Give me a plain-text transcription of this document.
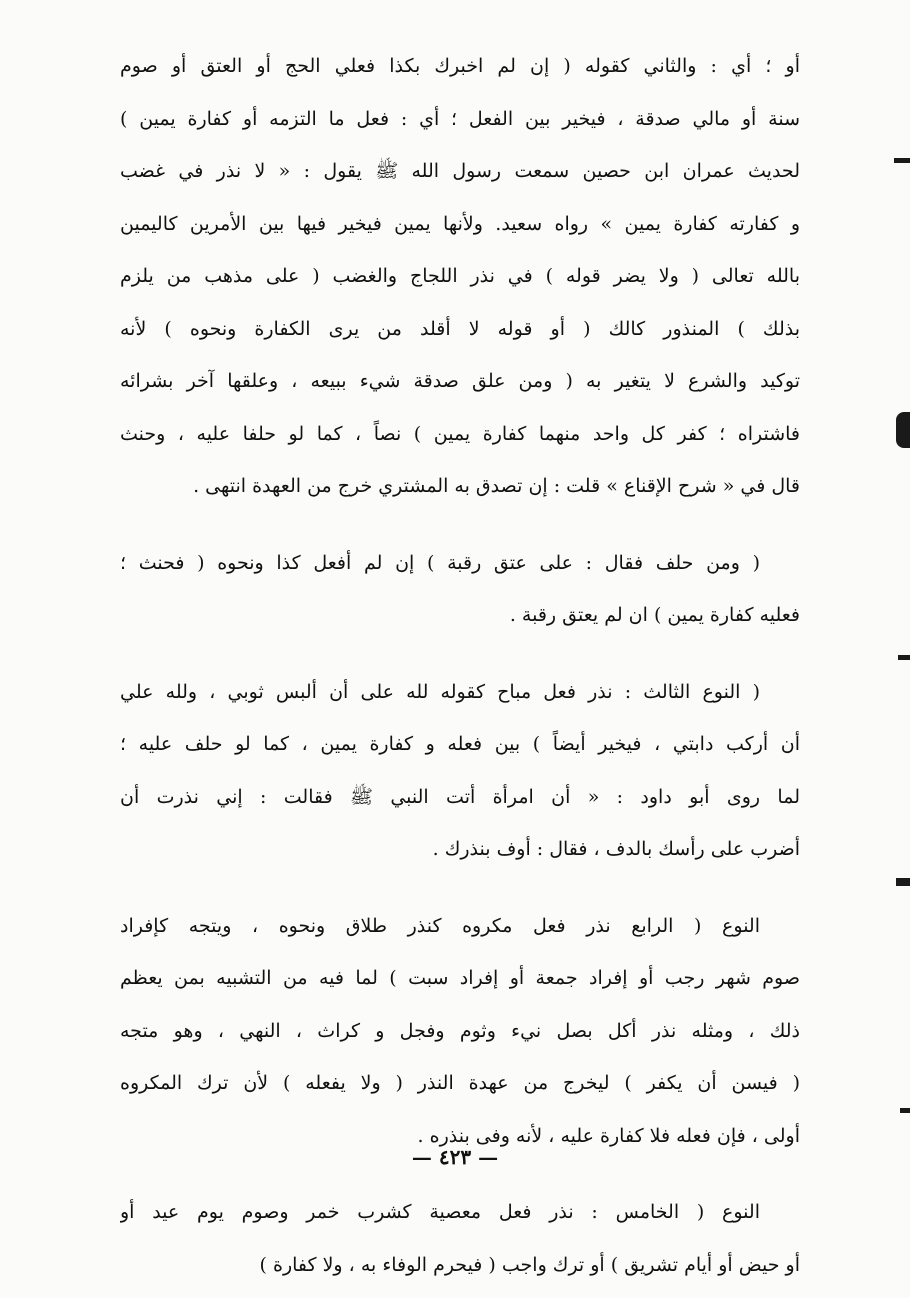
أو ؛ أي : والثاني كقوله ( إن لم اخبرك بكذا فعلي الحج أو العتق أو صوم
سنة أو مالي صدقة ، فيخير بين الفعل ؛ أي : فعل ما التزمه أو كفارة يمين )
لحديث عمران ابن حصين سمعت رسول الله ﷺ يقول : « لا نذر في غضب
و كفارته كفارة يمين » رواه سعيد. ولأنها يمين فيخير فيها بين الأمرين كاليمين
بالله تعالى ( ولا يضر قوله ) في نذر اللجاج والغضب ( على مذهب من يلزم
بذلك ) المنذور كالك ( أو قوله لا أقلد من يرى الكفارة ونحوه ) لأنه
توكيد والشرع لا يتغير به ( ومن علق صدقة شيء ببيعه ، وعلقها آخر بشرائه
فاشتراه ؛ كفر كل واحد منهما كفارة يمين ) نصاً ، كما لو حلفا عليه ، وحنث
قال في « شرح الإقناع » قلت : إن تصدق به المشتري خرج من العهدة انتهى .
( ومن حلف فقال : على عتق رقبة ) إن لم أفعل كذا ونحوه ( فحنث ؛
فعليه كفارة يمين ) ان لم يعتق رقبة .
( النوع الثالث : نذر فعل مباح كقوله لله على أن ألبس ثوبي ، ولله علي
أن أركب دابتي ، فيخير أيضاً ) بين فعله و كفارة يمين ، كما لو حلف عليه ؛
لما روى أبو داود : « أن امرأة أتت النبي ﷺ فقالت : إني نذرت أن
أضرب على رأسك بالدف ، فقال : أوف بنذرك .
النوع ( الرابع نذر فعل مكروه كنذر طلاق ونحوه ، ويتجه كإفراد
صوم شهر رجب أو إفراد جمعة أو إفراد سبت ) لما فيه من التشبيه بمن يعظم
ذلك ، ومثله نذر أكل بصل نيء وثوم وفجل و كراث ، النهي ، وهو متجه
( فيسن أن يكفر ) ليخرج من عهدة النذر ( ولا يفعله ) لأن ترك المكروه
أولى ، فإن فعله فلا كفارة عليه ، لأنه وفى بنذره .
النوع ( الخامس : نذر فعل معصية كشرب خمر وصوم يوم عيد أو
أو حيض أو أيام تشريق ) أو ترك واجب ( فيحرم الوفاء به ، ولا كفارة )
— ٤٢٣ —
